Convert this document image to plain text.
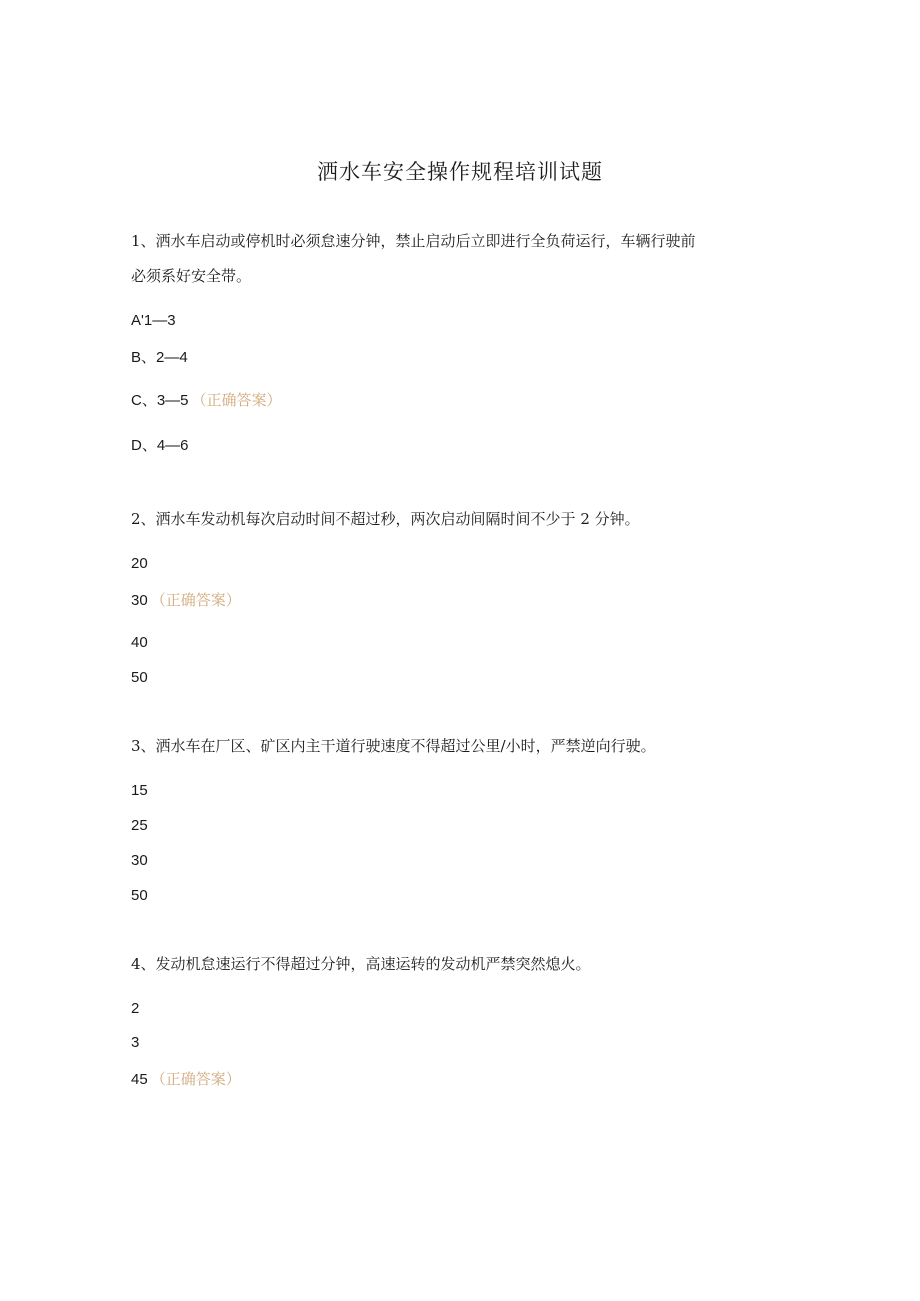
洒水车安全操作规程培训试题

1、洒水车启动或停机时必须怠速分钟，禁止启动后立即进行全负荷运行，车辆行驶前

必须系好安全带。

A'1—3

B、2—4

C、3—5 （正确答案）

D、4—6

2、洒水车发动机每次启动时间不超过秒，两次启动间隔时间不少于 2 分钟。

20

30 （正确答案）

40

50

3、洒水车在厂区、矿区内主干道行驶速度不得超过公里/小时，严禁逆向行驶。

15

25

30

50

4、发动机怠速运行不得超过分钟，高速运转的发动机严禁突然熄火。

2

3

45 （正确答案）
